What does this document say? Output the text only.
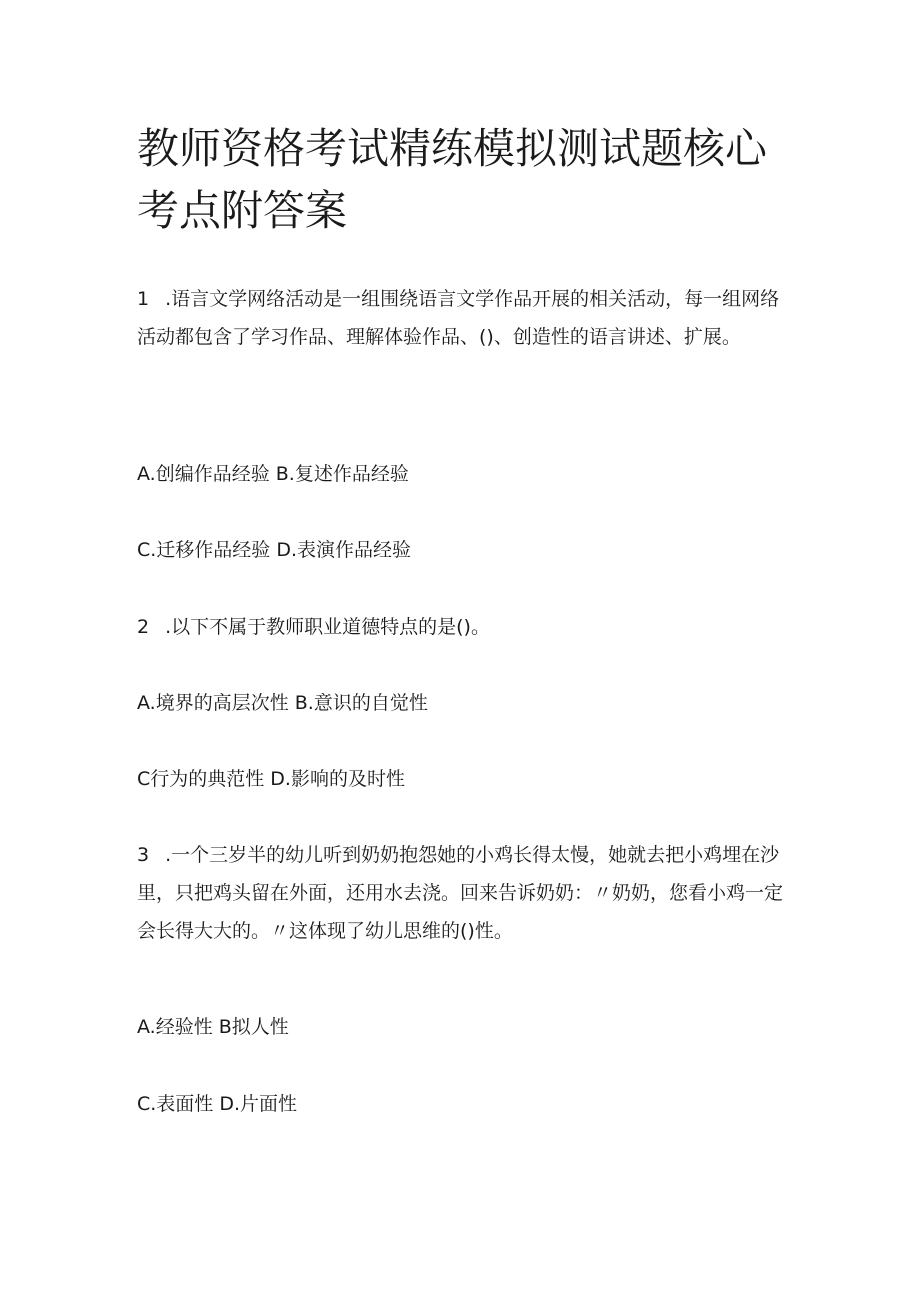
教师资格考试精练模拟测试题核心考点附答案
1 .语言文学网络活动是一组围绕语言文学作品开展的相关活动，每一组网络活动都包含了学习作品、理解体验作品、()、创造性的语言讲述、扩展。
A.创编作品经验 B.复述作品经验
C.迁移作品经验 D.表演作品经验
2 .以下不属于教师职业道德特点的是()。
A.境界的高层次性 B.意识的自觉性
C行为的典范性 D.影响的及时性
3 .一个三岁半的幼儿听到奶奶抱怨她的小鸡长得太慢，她就去把小鸡埋在沙里，只把鸡头留在外面，还用水去浇。回来告诉奶奶：〃奶奶，您看小鸡一定会长得大大的。〃这体现了幼儿思维的()性。
A.经验性 B拟人性
C.表面性 D.片面性
